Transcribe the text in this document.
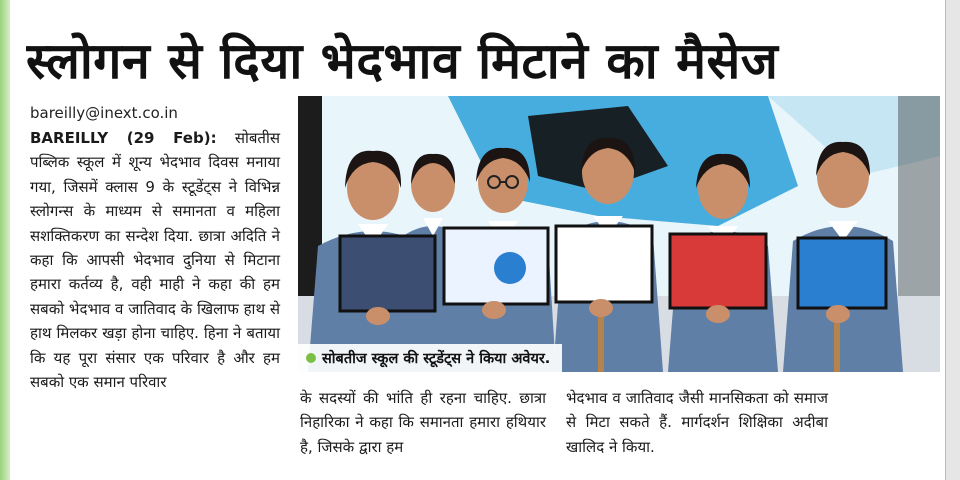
स्लोगन से दिया भेदभाव मिटाने का मैसेज
bareilly@inext.co.in

BAREILLY (29 Feb): सोबतीस पब्लिक स्कूल में शून्य भेदभाव दिवस मनाया गया, जिसमें क्लास 9 के स्टूडेंट्स ने विभिन्न स्लोगन्स के माध्यम से समानता व महिला सशक्तिकरण का सन्देश दिया. छात्रा अदिति ने कहा कि आपसी भेदभाव दुनिया से मिटाना हमारा कर्तव्य है, वही माही ने कहा की हम सबको भेदभाव व जातिवाद के खिलाफ हाथ से हाथ मिलकर खड़ा होना चाहिए. हिना ने बताया कि यह पूरा संसार एक परिवार है और हम सबको एक समान परिवार

सोबतीज स्कूल की स्टूडेंट्स ने किया अवेयर.

के सदस्यों की भांति ही रहना चाहिए. छात्रा निहारिका ने कहा कि समानता हमारा हथियार है, जिसके द्वारा हम

भेदभाव व जातिवाद जैसी मानसिकता को समाज से मिटा सकते हैं. मार्गदर्शन शिक्षिका अदीबा खालिद ने किया.
